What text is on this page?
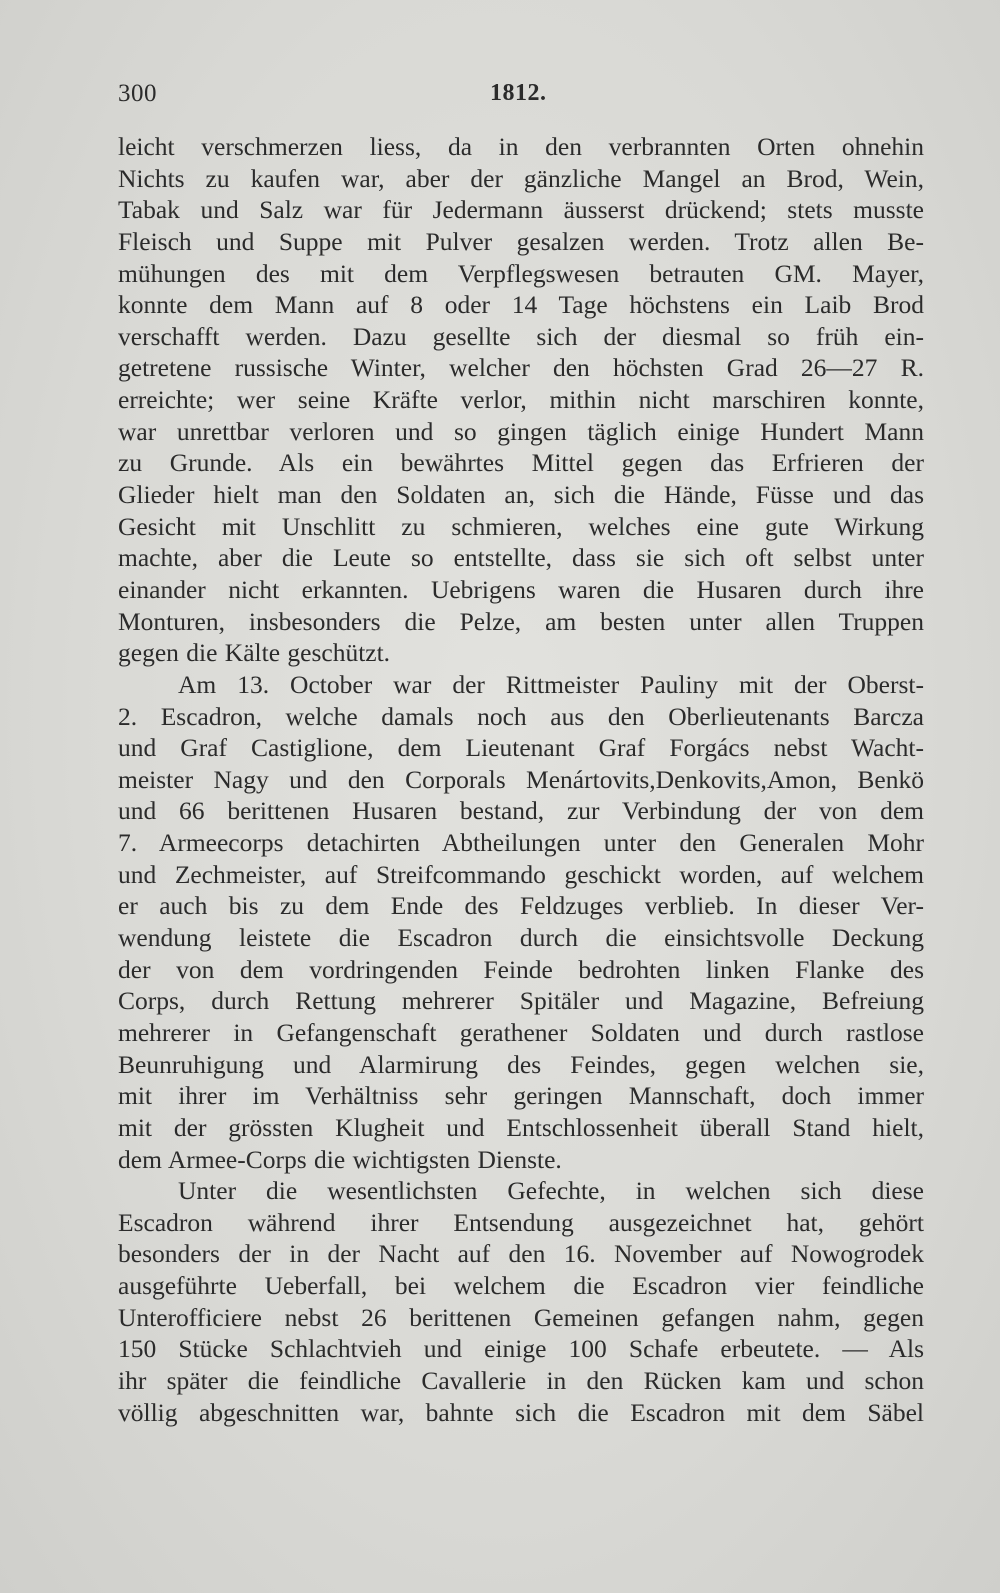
300	1812.
leicht verschmerzen liess, da in den verbrannten Orten ohnehin
Nichts zu kaufen war, aber der gänzliche Mangel an Brod, Wein,
Tabak und Salz war für Jedermann äusserst drückend; stets musste
Fleisch und Suppe mit Pulver gesalzen werden. Trotz allen Be-
mühungen des mit dem Verpflegswesen betrauten GM. Mayer,
konnte dem Mann auf 8 oder 14 Tage höchstens ein Laib Brod
verschafft werden. Dazu gesellte sich der diesmal so früh ein-
getretene russische Winter, welcher den höchsten Grad 26—27 R.
erreichte; wer seine Kräfte verlor, mithin nicht marschiren konnte,
war unrettbar verloren und so gingen täglich einige Hundert Mann
zu Grunde. Als ein bewährtes Mittel gegen das Erfrieren der
Glieder hielt man den Soldaten an, sich die Hände, Füsse und das
Gesicht mit Unschlitt zu schmieren, welches eine gute Wirkung
machte, aber die Leute so entstellte, dass sie sich oft selbst unter
einander nicht erkannten. Uebrigens waren die Husaren durch ihre
Monturen, insbesonders die Pelze, am besten unter allen Truppen
gegen die Kälte geschützt.
Am 13. October war der Rittmeister Pauliny mit der Oberst-
2. Escadron, welche damals noch aus den Oberlieutenants Barcza
und Graf Castiglione, dem Lieutenant Graf Forgács nebst Wacht-
meister Nagy und den Corporals Menártovits,Denkovits,Amon, Benkö
und 66 berittenen Husaren bestand, zur Verbindung der von dem
7. Armeecorps detachirten Abtheilungen unter den Generalen Mohr
und Zechmeister, auf Streifcommando geschickt worden, auf welchem
er auch bis zu dem Ende des Feldzuges verblieb. In dieser Ver-
wendung leistete die Escadron durch die einsichtsvolle Deckung
der von dem vordringenden Feinde bedrohten linken Flanke des
Corps, durch Rettung mehrerer Spitäler und Magazine, Befreiung
mehrerer in Gefangenschaft gerathener Soldaten und durch rastlose
Beunruhigung und Alarmirung des Feindes, gegen welchen sie,
mit ihrer im Verhältniss sehr geringen Mannschaft, doch immer
mit der grössten Klugheit und Entschlossenheit überall Stand hielt,
dem Armee-Corps die wichtigsten Dienste.
Unter die wesentlichsten Gefechte, in welchen sich diese
Escadron während ihrer Entsendung ausgezeichnet hat, gehört
besonders der in der Nacht auf den 16. November auf Nowogrodek
ausgeführte Ueberfall, bei welchem die Escadron vier feindliche
Unterofficiere nebst 26 berittenen Gemeinen gefangen nahm, gegen
150 Stücke Schlachtvieh und einige 100 Schafe erbeutete. — Als
ihr später die feindliche Cavallerie in den Rücken kam und schon
völlig abgeschnitten war, bahnte sich die Escadron mit dem Säbel
